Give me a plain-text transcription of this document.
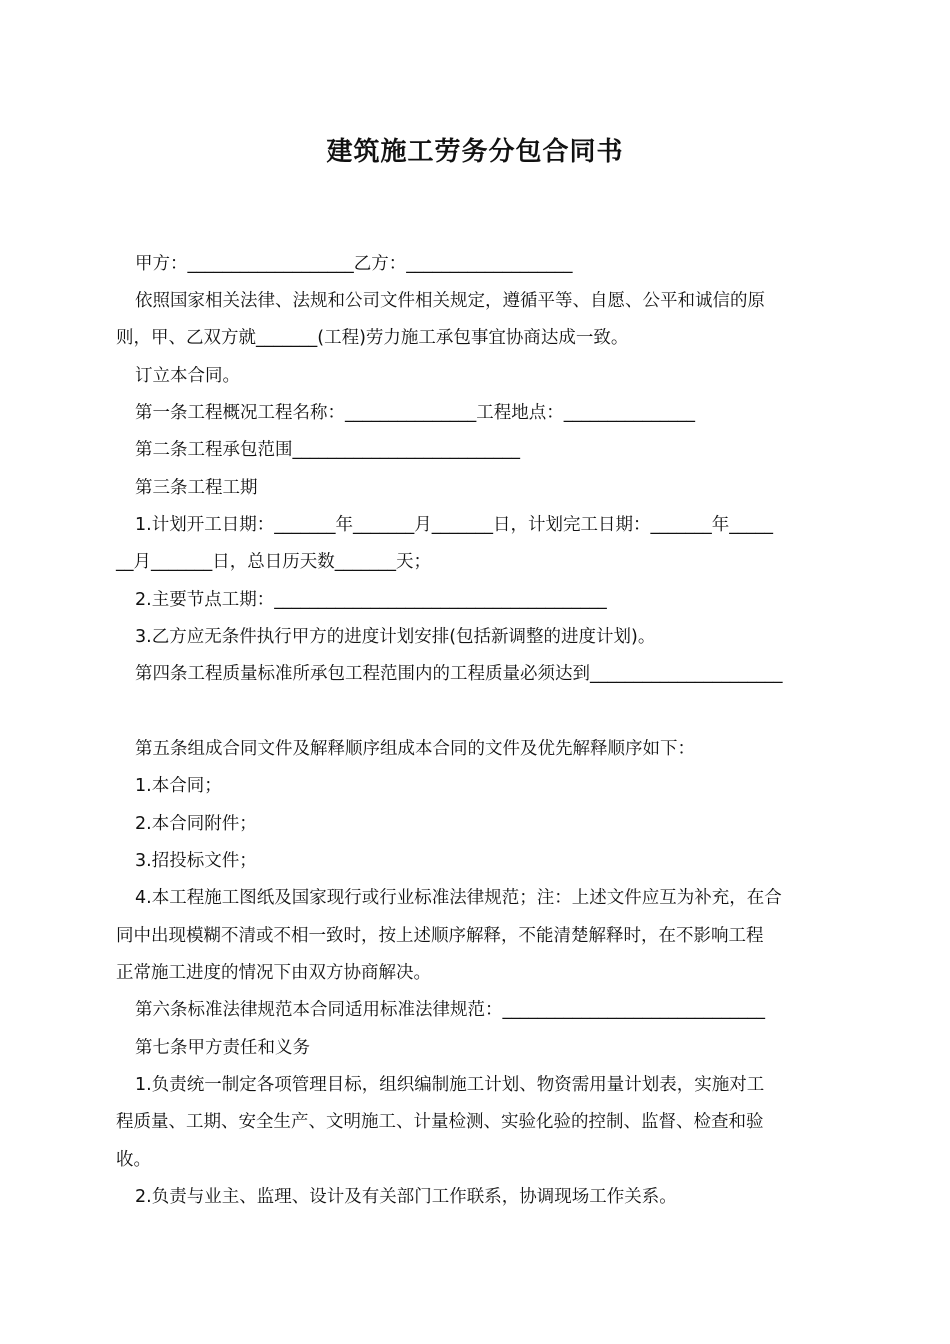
建筑施工劳务分包合同书
甲方：___________________乙方：___________________
依照国家相关法律、法规和公司文件相关规定，遵循平等、自愿、公平和诚信的原
则，甲、乙双方就_______(工程)劳力施工承包事宜协商达成一致。
订立本合同。
第一条工程概况工程名称：_______________工程地点：_______________
第二条工程承包范围__________________________
第三条工程工期
1.计划开工日期：_______年_______月_______日，计划完工日期：_______年_____
__月_______日，总日历天数_______天；
2.主要节点工期：______________________________________
3.乙方应无条件执行甲方的进度计划安排(包括新调整的进度计划)。
第四条工程质量标准所承包工程范围内的工程质量必须达到______________________
第五条组成合同文件及解释顺序组成本合同的文件及优先解释顺序如下：
1.本合同；
2.本合同附件；
3.招投标文件；
4.本工程施工图纸及国家现行或行业标准法律规范；注：上述文件应互为补充，在合
同中出现模糊不清或不相一致时，按上述顺序解释，不能清楚解释时，在不影响工程
正常施工进度的情况下由双方协商解决。
第六条标准法律规范本合同适用标准法律规范：______________________________
第七条甲方责任和义务
1.负责统一制定各项管理目标，组织编制施工计划、物资需用量计划表，实施对工
程质量、工期、安全生产、文明施工、计量检测、实验化验的控制、监督、检查和验
收。
2.负责与业主、监理、设计及有关部门工作联系，协调现场工作关系。
